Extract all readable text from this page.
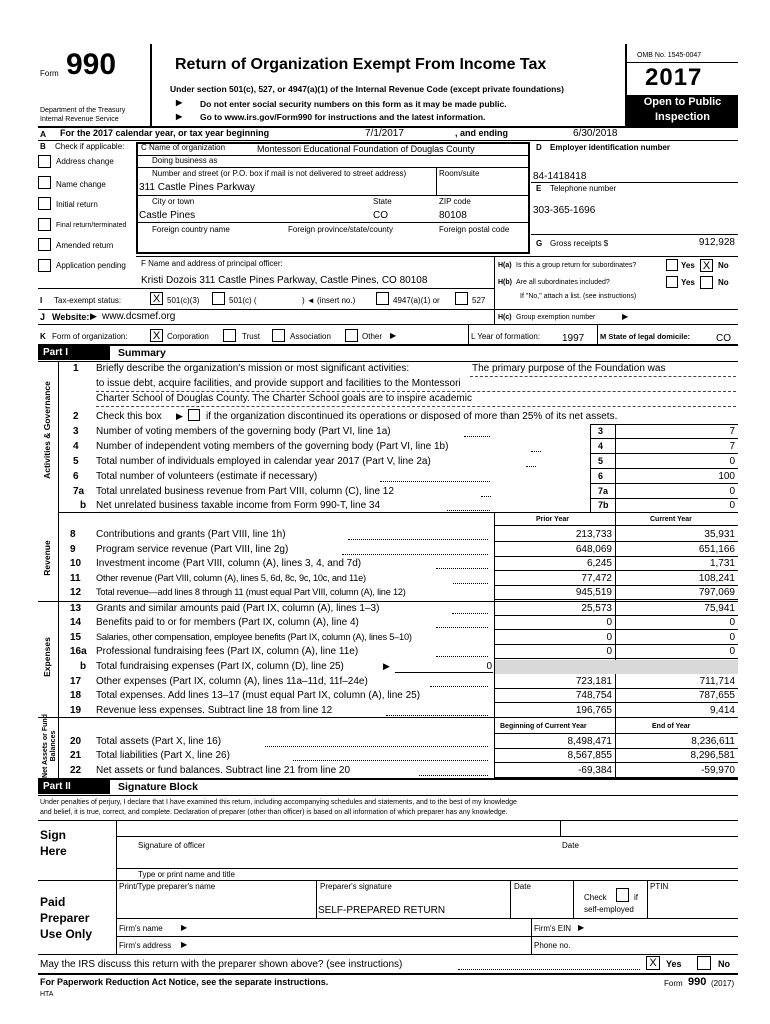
Form 990
Department of the Treasury
Internal Revenue Service
Return of Organization Exempt From Income Tax
Under section 501(c), 527, or 4947(a)(1) of the Internal Revenue Code (except private foundations)
▶ Do not enter social security numbers on this form as it may be made public.
▶ Go to www.irs.gov/Form990 for instructions and the latest information.
OMB No. 1545-0047
2017
Open to Public
Inspection
A For the 2017 calendar year, or tax year beginning	7/1/2017	, and ending	6/30/2018
B Check if applicable:
Address change
Name change
Initial return
Final return/terminated
Amended return
Application pending
C Name of organization	Montessori Educational Foundation of Douglas County
Doing business as
Number and street (or P.O. box if mail is not delivered to street address)	Room/suite
311 Castle Pines Parkway
City or town	State	ZIP code
Castle Pines	CO	80108
Foreign country name	Foreign province/state/county	Foreign postal code
D Employer identification number
84-1418418
E Telephone number
303-365-1696
G Gross receipts $	912,928
F Name and address of principal officer:
Kristi Dozois 311 Castle Pines Parkway, Castle Pines, CO 80108
H(a) Is this a group return for subordinates?	Yes X No
H(b) Are all subordinates included?	Yes	No
If "No," attach a list. (see instructions)
I Tax-exempt status:	X 501(c)(3)	501(c) (	) ◄ (insert no.)	4947(a)(1) or	527
J Website: ▶ www.dcsmef.org	H(c) Group exemption number	▶
K Form of organization: X Corporation	Trust	Association	Other ▶	L Year of formation: 1997 M State of legal domicile:	CO
Part I	Summary
Activities & Governance
Revenue
Expenses
Net Assets or Fund Balances
1 Briefly describe the organization's mission or most significant activities:	The primary purpose of the Foundation was
to issue debt, acquire facilities, and provide support and facilities to the Montessori
Charter School of Douglas County. The Charter School goals are to inspire academic
2 Check this box ▶ if the organization discontinued its operations or disposed of more than 25% of its net assets.
3 Number of voting members of the governing body (Part VI, line 1a)	3	7
4 Number of independent voting members of the governing body (Part VI, line 1b)	4	7
5 Total number of individuals employed in calendar year 2017 (Part V, line 2a)	5	0
6 Total number of volunteers (estimate if necessary)	6	100
7a Total unrelated business revenue from Part VIII, column (C), line 12	7a	0
b Net unrelated business taxable income from Form 990-T, line 34	7b	0
Prior Year	Current Year
8 Contributions and grants (Part VIII, line 1h)	213,733	35,931
9 Program service revenue (Part VIII, line 2g)	648,069	651,166
10 Investment income (Part VIII, column (A), lines 3, 4, and 7d)	6,245	1,731
11 Other revenue (Part VIII, column (A), lines 5, 6d, 8c, 9c, 10c, and 11e)	77,472	108,241
12 Total revenue—add lines 8 through 11 (must equal Part VIII, column (A), line 12)	945,519	797,069
13 Grants and similar amounts paid (Part IX, column (A), lines 1–3)	25,573	75,941
14 Benefits paid to or for members (Part IX, column (A), line 4)	0	0
15 Salaries, other compensation, employee benefits (Part IX, column (A), lines 5–10)	0	0
16a Professional fundraising fees (Part IX, column (A), line 11e)	0	0
b Total fundraising expenses (Part IX, column (D), line 25)	▶	0
17 Other expenses (Part IX, column (A), lines 11a–11d, 11f–24e)	723,181	711,714
18 Total expenses. Add lines 13–17 (must equal Part IX, column (A), line 25)	748,754	787,655
19 Revenue less expenses. Subtract line 18 from line 12	196,765	9,414
Beginning of Current Year	End of Year
20 Total assets (Part X, line 16)	8,498,471	8,236,611
21 Total liabilities (Part X, line 26)	8,567,855	8,296,581
22 Net assets or fund balances. Subtract line 21 from line 20	-69,384	-59,970
Part II	Signature Block
Under penalties of perjury, I declare that I have examined this return, including accompanying schedules and statements, and to the best of my knowledge
and belief, it is true, correct, and complete. Declaration of preparer (other than officer) is based on all information of which preparer has any knowledge.
Sign
Here	Signature of officer	Date
Type or print name and title
Paid
Preparer
Use Only
Print/Type preparer's name	Preparer's signature
SELF-PREPARED RETURN
Date
Check	if
self-employed
PTIN
Firm's name ▶	Firm's EIN ▶
Firm's address ▶	Phone no.
May the IRS discuss this return with the preparer shown above? (see instructions)	X	Yes	No
For Paperwork Reduction Act Notice, see the separate instructions.
HTA
Form 990 (2017)
